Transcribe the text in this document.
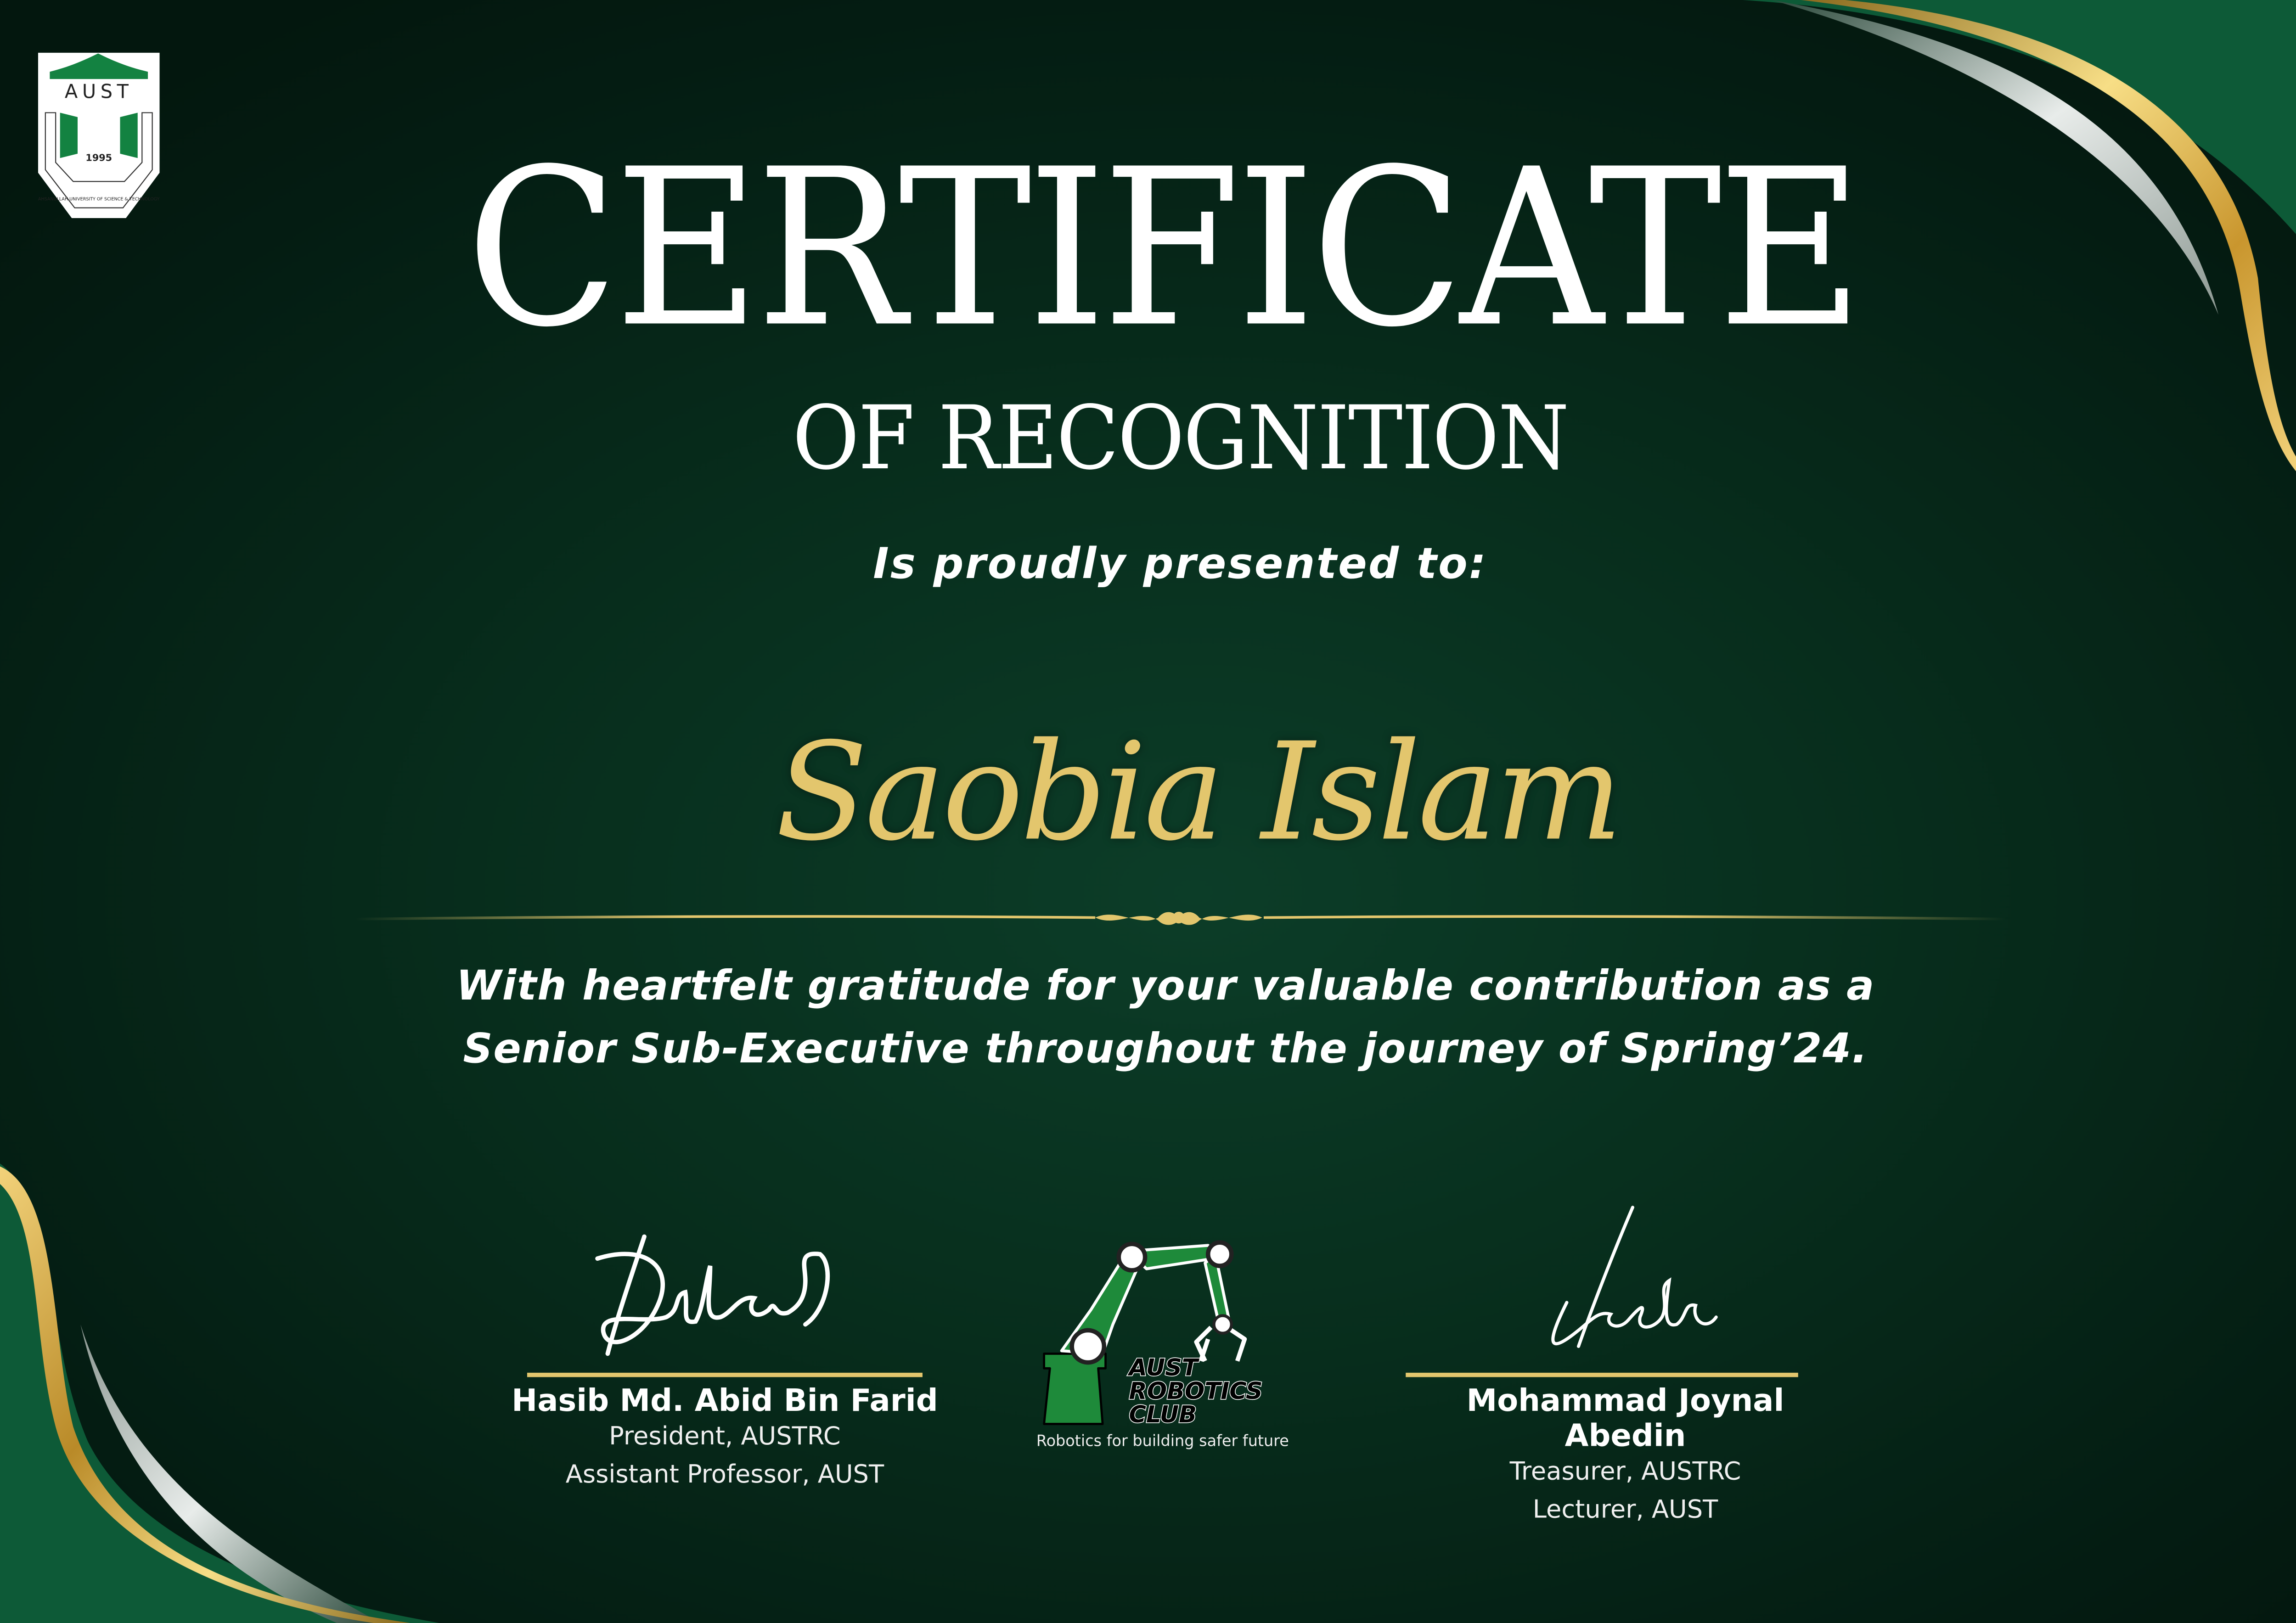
AUST
1995
AHSANULLAH UNIVERSITY OF SCIENCE & TECHNOLOGY	CERTIFICATE
OF RECOGNITION
Is proudly presented to:
Saobia Islam
With heartfelt gratitude for your valuable contribution as a
Senior Sub-Executive throughout the journey of Spring’24.
Hasib Md. Abid Bin Farid
President, AUSTRC
Assistant Professor, AUST
AUST
ROBOTICS
CLUB
Robotics for building safer future
Mohammad Joynal Abedin
Treasurer, AUSTRC
Lecturer, AUST
